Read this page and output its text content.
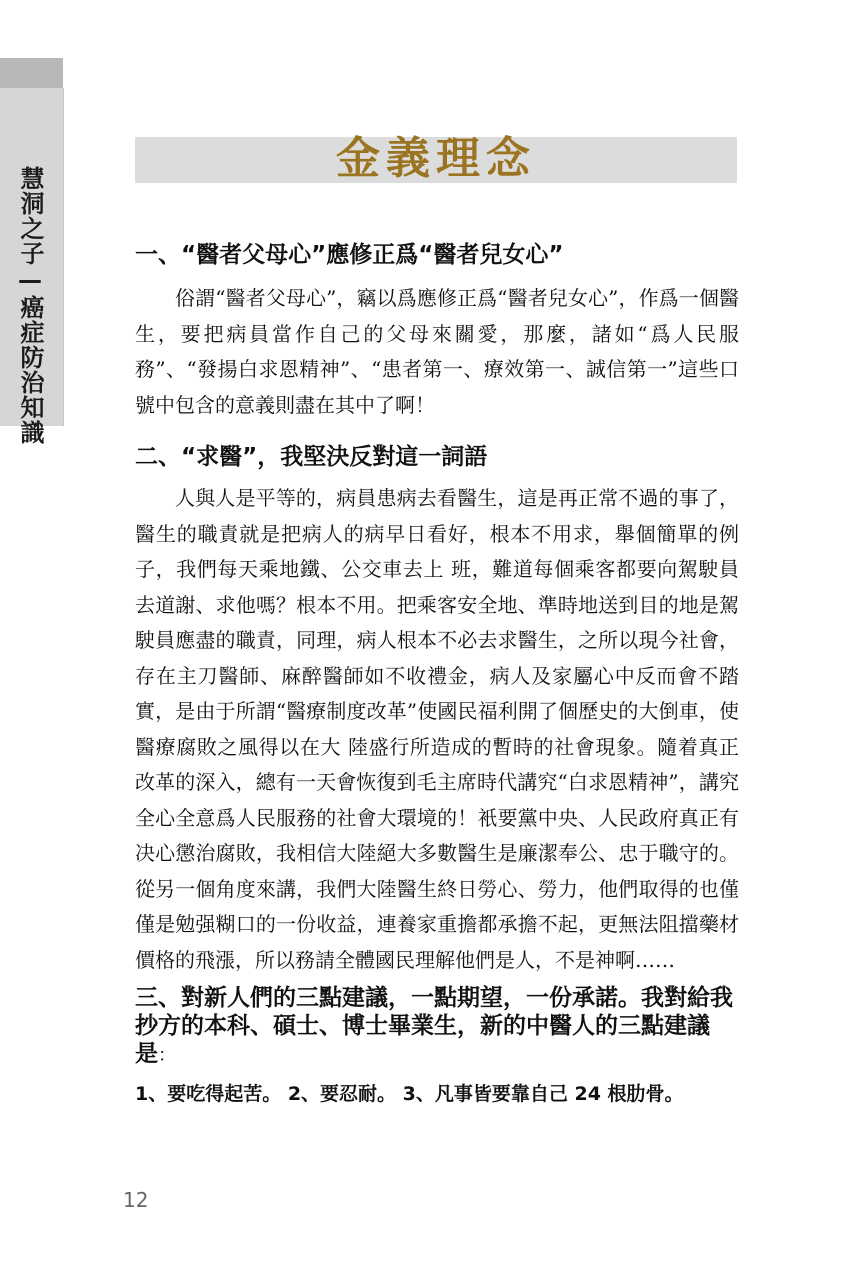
慧洞之子—癌症防治知識
金義理念
一、“醫者父母心”應修正爲“醫者兒女心”

俗謂“醫者父母心”，竊以爲應修正爲“醫者兒女心”，作爲一個醫生，要把病員當作自己的父母來關愛，那麼，諸如“爲人民服務”、“發揚白求恩精神”、“患者第一、療效第一、誠信第一”這些口號中包含的意義則盡在其中了啊！

二、“求醫”，我堅決反對這一詞語

人與人是平等的，病員患病去看醫生，這是再正常不過的事了，醫生的職責就是把病人的病早日看好，根本不用求，舉個簡單的例子，我們每天乘地鐵、公交車去上 班，難道每個乘客都要向駕駛員去道謝、求他嗎？根本不用。把乘客安全地、準時地送到目的地是駕駛員應盡的職責，同理，病人根本不必去求醫生，之所以現今社會，存在主刀醫師、麻醉醫師如不收禮金，病人及家屬心中反而會不踏實，是由于所謂“醫療制度改革”使國民福利開了個歷史的大倒車，使醫療腐敗之風得以在大 陸盛行所造成的暫時的社會現象。隨着真正改革的深入，總有一天會恢復到毛主席時代講究“白求恩精神”，講究全心全意爲人民服務的社會大環境的！衹要黨中央、人民政府真正有决心懲治腐敗，我相信大陸絕大多數醫生是廉潔奉公、忠于職守的。從另一個角度來講，我們大陸醫生終日勞心、勞力，他們取得的也僅僅是勉强糊口的一份收益，連養家重擔都承擔不起，更無法阻擋藥材價格的飛漲，所以務請全體國民理解他們是人，不是神啊……

三、對新人們的三點建議，一點期望，一份承諾。我對給我抄方的本科、碩士、博士畢業生，新的中醫人的三點建議是：

1、要吃得起苦。 2、要忍耐。 3、凡事皆要靠自己 24 根肋骨。

12
